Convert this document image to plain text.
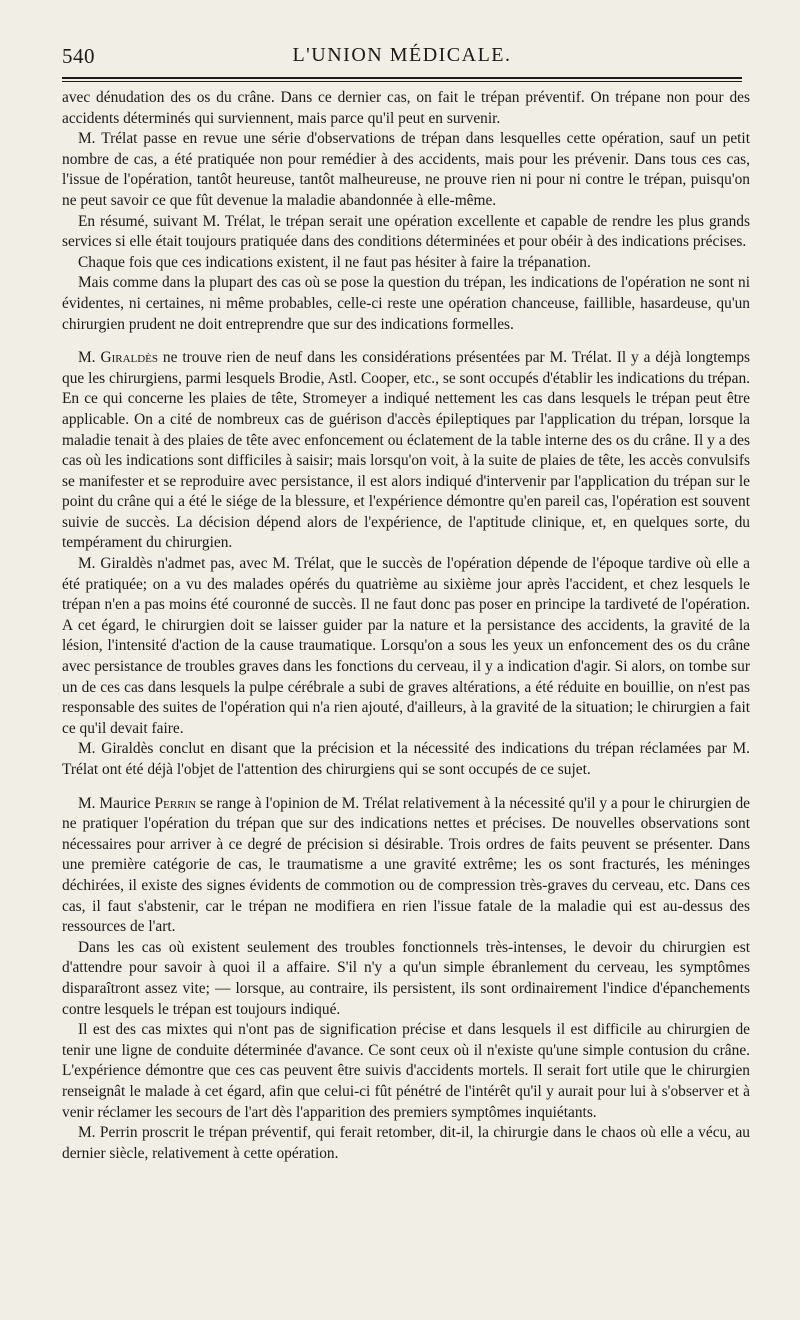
540	L'UNION MÉDICALE.

avec dénudation des os du crâne. Dans ce dernier cas, on fait le trépan préventif. On trépane non pour des accidents déterminés qui surviennent, mais parce qu'il peut en survenir.

M. Trélat passe en revue une série d'observations de trépan dans lesquelles cette opération, sauf un petit nombre de cas, a été pratiquée non pour remédier à des accidents, mais pour les prévenir. Dans tous ces cas, l'issue de l'opération, tantôt heureuse, tantôt malheureuse, ne prouve rien ni pour ni contre le trépan, puisqu'on ne peut savoir ce que fût devenue la maladie abandonnée à elle-même.

En résumé, suivant M. Trélat, le trépan serait une opération excellente et capable de rendre les plus grands services si elle était toujours pratiquée dans des conditions déterminées et pour obéir à des indications précises.

Chaque fois que ces indications existent, il ne faut pas hésiter à faire la trépanation.

Mais comme dans la plupart des cas où se pose la question du trépan, les indications de l'opération ne sont ni évidentes, ni certaines, ni même probables, celle-ci reste une opération chanceuse, faillible, hasardeuse, qu'un chirurgien prudent ne doit entreprendre que sur des indications formelles.

M. Giraldès ne trouve rien de neuf dans les considérations présentées par M. Trélat. Il y a déjà longtemps que les chirurgiens, parmi lesquels Brodie, Astl. Cooper, etc., se sont occupés d'établir les indications du trépan. En ce qui concerne les plaies de tête, Stromeyer a indiqué nettement les cas dans lesquels le trépan peut être applicable. On a cité de nombreux cas de guérison d'accès épileptiques par l'application du trépan, lorsque la maladie tenait à des plaies de tête avec enfoncement ou éclatement de la table interne des os du crâne. Il y a des cas où les indications sont difficiles à saisir; mais lorsqu'on voit, à la suite de plaies de tête, les accès convulsifs se manifester et se reproduire avec persistance, il est alors indiqué d'intervenir par l'application du trépan sur le point du crâne qui a été le siége de la blessure, et l'expérience démontre qu'en pareil cas, l'opération est souvent suivie de succès. La décision dépend alors de l'expérience, de l'aptitude clinique, et, en quelques sorte, du tempérament du chirurgien.

M. Giraldès n'admet pas, avec M. Trélat, que le succès de l'opération dépende de l'époque tardive où elle a été pratiquée; on a vu des malades opérés du quatrième au sixième jour après l'accident, et chez lesquels le trépan n'en a pas moins été couronné de succès. Il ne faut donc pas poser en principe la tardiveté de l'opération. A cet égard, le chirurgien doit se laisser guider par la nature et la persistance des accidents, la gravité de la lésion, l'intensité d'action de la cause traumatique. Lorsqu'on a sous les yeux un enfoncement des os du crâne avec persistance de troubles graves dans les fonctions du cerveau, il y a indication d'agir. Si alors, on tombe sur un de ces cas dans lesquels la pulpe cérébrale a subi de graves altérations, a été réduite en bouillie, on n'est pas responsable des suites de l'opération qui n'a rien ajouté, d'ailleurs, à la gravité de la situation; le chirurgien a fait ce qu'il devait faire.

M. Giraldès conclut en disant que la précision et la nécessité des indications du trépan réclamées par M. Trélat ont été déjà l'objet de l'attention des chirurgiens qui se sont occupés de ce sujet.

M. Maurice Perrin se range à l'opinion de M. Trélat relativement à la nécessité qu'il y a pour le chirurgien de ne pratiquer l'opération du trépan que sur des indications nettes et précises. De nouvelles observations sont nécessaires pour arriver à ce degré de précision si désirable. Trois ordres de faits peuvent se présenter. Dans une première catégorie de cas, le traumatisme a une gravité extrême; les os sont fracturés, les méninges déchirées, il existe des signes évidents de commotion ou de compression très-graves du cerveau, etc. Dans ces cas, il faut s'abstenir, car le trépan ne modifiera en rien l'issue fatale de la maladie qui est au-dessus des ressources de l'art.

Dans les cas où existent seulement des troubles fonctionnels très-intenses, le devoir du chirurgien est d'attendre pour savoir à quoi il a affaire. S'il n'y a qu'un simple ébranlement du cerveau, les symptômes disparaîtront assez vite; — lorsque, au contraire, ils persistent, ils sont ordinairement l'indice d'épanchements contre lesquels le trépan est toujours indiqué.

Il est des cas mixtes qui n'ont pas de signification précise et dans lesquels il est difficile au chirurgien de tenir une ligne de conduite déterminée d'avance. Ce sont ceux où il n'existe qu'une simple contusion du crâne. L'expérience démontre que ces cas peuvent être suivis d'accidents mortels. Il serait fort utile que le chirurgien renseignât le malade à cet égard, afin que celui-ci fût pénétré de l'intérêt qu'il y aurait pour lui à s'observer et à venir réclamer les secours de l'art dès l'apparition des premiers symptômes inquiétants.

M. Perrin proscrit le trépan préventif, qui ferait retomber, dit-il, la chirurgie dans le chaos où elle a vécu, au dernier siècle, relativement à cette opération.
